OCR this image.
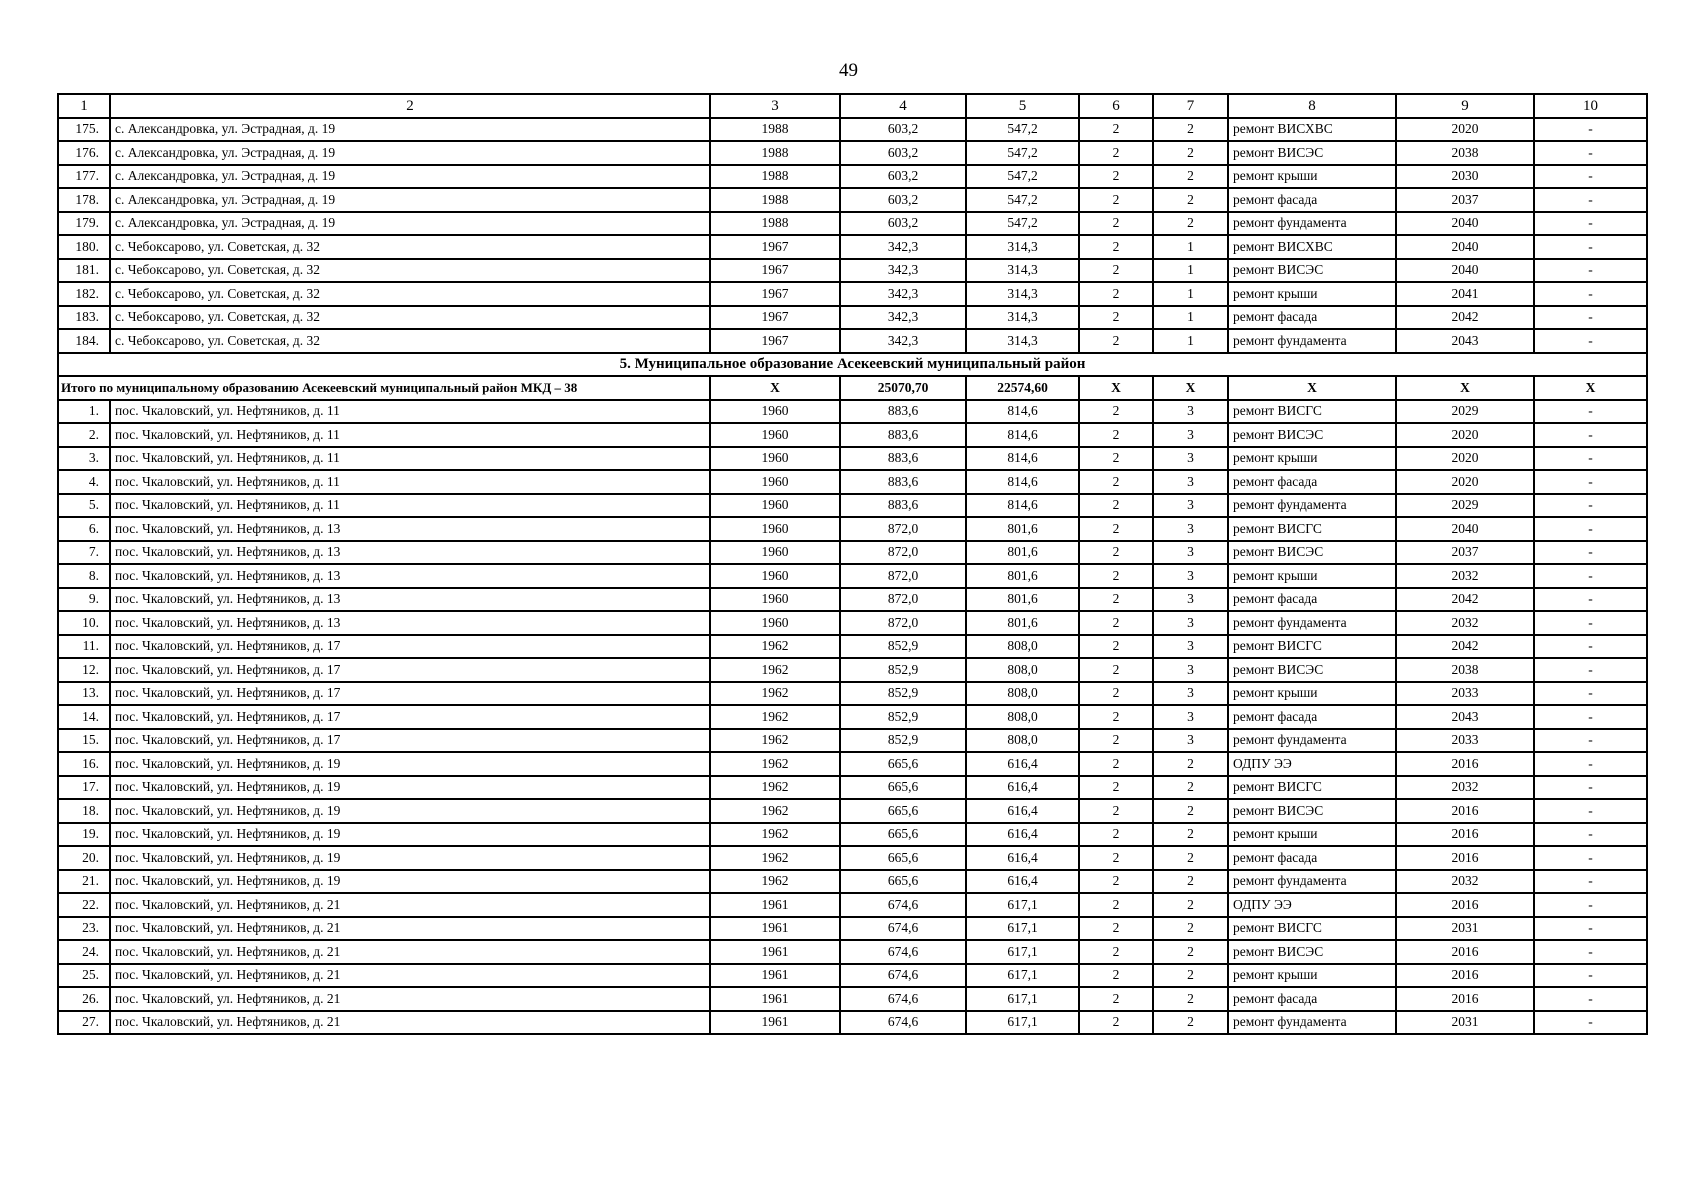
49
1	2	3	4	5	6	7	8	9	10
175.	с. Александровка, ул. Эстрадная, д. 19	1988	603,2	547,2	2	2	ремонт ВИСХВС	2020	-
176.	с. Александровка, ул. Эстрадная, д. 19	1988	603,2	547,2	2	2	ремонт ВИСЭС	2038	-
177.	с. Александровка, ул. Эстрадная, д. 19	1988	603,2	547,2	2	2	ремонт крыши	2030	-
178.	с. Александровка, ул. Эстрадная, д. 19	1988	603,2	547,2	2	2	ремонт фасада	2037	-
179.	с. Александровка, ул. Эстрадная, д. 19	1988	603,2	547,2	2	2	ремонт фундамента	2040	-
180.	с. Чебоксарово, ул. Советская, д. 32	1967	342,3	314,3	2	1	ремонт ВИСХВС	2040	-
181.	с. Чебоксарово, ул. Советская, д. 32	1967	342,3	314,3	2	1	ремонт ВИСЭС	2040	-
182.	с. Чебоксарово, ул. Советская, д. 32	1967	342,3	314,3	2	1	ремонт крыши	2041	-
183.	с. Чебоксарово, ул. Советская, д. 32	1967	342,3	314,3	2	1	ремонт фасада	2042	-
184.	с. Чебоксарово, ул. Советская, д. 32	1967	342,3	314,3	2	1	ремонт фундамента	2043	-
5. Муниципальное образование Асекеевский муниципальный район									
Итого по муниципальному образованию Асекеевский муниципальный район МКД – 38		Х	25070,70	22574,60	Х	Х	Х	Х	Х
1.	пос. Чкаловский, ул. Нефтяников, д. 11	1960	883,6	814,6	2	3	ремонт ВИСГС	2029	-
2.	пос. Чкаловский, ул. Нефтяников, д. 11	1960	883,6	814,6	2	3	ремонт ВИСЭС	2020	-
3.	пос. Чкаловский, ул. Нефтяников, д. 11	1960	883,6	814,6	2	3	ремонт крыши	2020	-
4.	пос. Чкаловский, ул. Нефтяников, д. 11	1960	883,6	814,6	2	3	ремонт фасада	2020	-
5.	пос. Чкаловский, ул. Нефтяников, д. 11	1960	883,6	814,6	2	3	ремонт фундамента	2029	-
6.	пос. Чкаловский, ул. Нефтяников, д. 13	1960	872,0	801,6	2	3	ремонт ВИСГС	2040	-
7.	пос. Чкаловский, ул. Нефтяников, д. 13	1960	872,0	801,6	2	3	ремонт ВИСЭС	2037	-
8.	пос. Чкаловский, ул. Нефтяников, д. 13	1960	872,0	801,6	2	3	ремонт крыши	2032	-
9.	пос. Чкаловский, ул. Нефтяников, д. 13	1960	872,0	801,6	2	3	ремонт фасада	2042	-
10.	пос. Чкаловский, ул. Нефтяников, д. 13	1960	872,0	801,6	2	3	ремонт фундамента	2032	-
11.	пос. Чкаловский, ул. Нефтяников, д. 17	1962	852,9	808,0	2	3	ремонт ВИСГС	2042	-
12.	пос. Чкаловский, ул. Нефтяников, д. 17	1962	852,9	808,0	2	3	ремонт ВИСЭС	2038	-
13.	пос. Чкаловский, ул. Нефтяников, д. 17	1962	852,9	808,0	2	3	ремонт крыши	2033	-
14.	пос. Чкаловский, ул. Нефтяников, д. 17	1962	852,9	808,0	2	3	ремонт фасада	2043	-
15.	пос. Чкаловский, ул. Нефтяников, д. 17	1962	852,9	808,0	2	3	ремонт фундамента	2033	-
16.	пос. Чкаловский, ул. Нефтяников, д. 19	1962	665,6	616,4	2	2	ОДПУ ЭЭ	2016	-
17.	пос. Чкаловский, ул. Нефтяников, д. 19	1962	665,6	616,4	2	2	ремонт ВИСГС	2032	-
18.	пос. Чкаловский, ул. Нефтяников, д. 19	1962	665,6	616,4	2	2	ремонт ВИСЭС	2016	-
19.	пос. Чкаловский, ул. Нефтяников, д. 19	1962	665,6	616,4	2	2	ремонт крыши	2016	-
20.	пос. Чкаловский, ул. Нефтяников, д. 19	1962	665,6	616,4	2	2	ремонт фасада	2016	-
21.	пос. Чкаловский, ул. Нефтяников, д. 19	1962	665,6	616,4	2	2	ремонт фундамента	2032	-
22.	пос. Чкаловский, ул. Нефтяников, д. 21	1961	674,6	617,1	2	2	ОДПУ ЭЭ	2016	-
23.	пос. Чкаловский, ул. Нефтяников, д. 21	1961	674,6	617,1	2	2	ремонт ВИСГС	2031	-
24.	пос. Чкаловский, ул. Нефтяников, д. 21	1961	674,6	617,1	2	2	ремонт ВИСЭС	2016	-
25.	пос. Чкаловский, ул. Нефтяников, д. 21	1961	674,6	617,1	2	2	ремонт крыши	2016	-
26.	пос. Чкаловский, ул. Нефтяников, д. 21	1961	674,6	617,1	2	2	ремонт фасада	2016	-
27.	пос. Чкаловский, ул. Нефтяников, д. 21	1961	674,6	617,1	2	2	ремонт фундамента	2031	-
